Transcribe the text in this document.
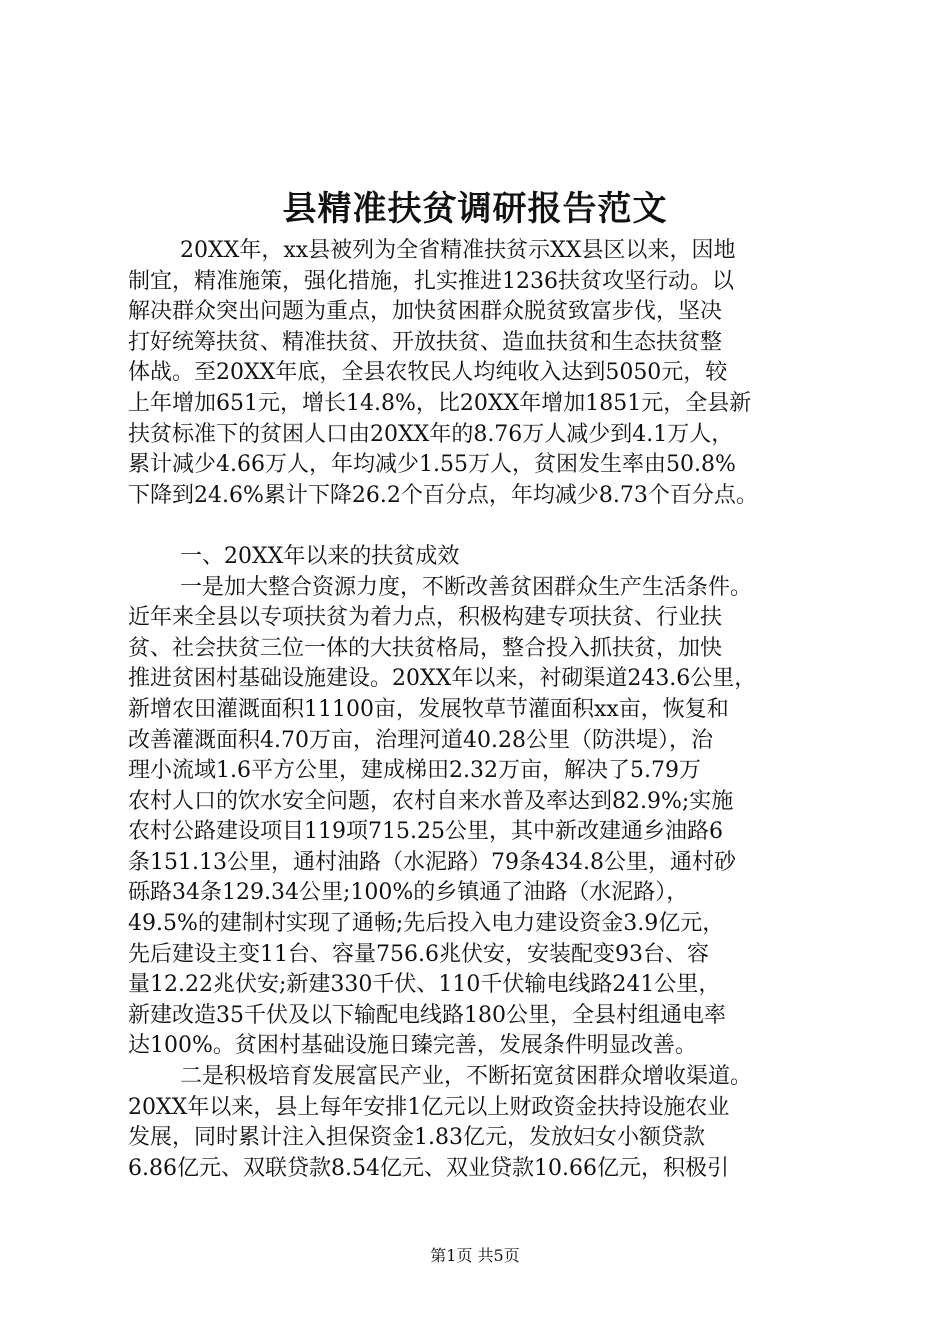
县精准扶贫调研报告范文
20XX年，xx县被列为全省精准扶贫示XX县区以来，因地
制宜，精准施策，强化措施，扎实推进1236扶贫攻坚行动。以
解决群众突出问题为重点，加快贫困群众脱贫致富步伐，坚决
打好统筹扶贫、精准扶贫、开放扶贫、造血扶贫和生态扶贫整
体战。至20XX年底，全县农牧民人均纯收入达到5050元，较
上年增加651元，增长14.8%，比20XX年增加1851元，全县新
扶贫标准下的贫困人口由20XX年的8.76万人减少到4.1万人，
累计减少4.66万人，年均减少1.55万人，贫困发生率由50.8%
下降到24.6%累计下降26.2个百分点，年均减少8.73个百分点。
一、20XX年以来的扶贫成效
一是加大整合资源力度，不断改善贫困群众生产生活条件。
近年来全县以专项扶贫为着力点，积极构建专项扶贫、行业扶
贫、社会扶贫三位一体的大扶贫格局，整合投入抓扶贫，加快
推进贫困村基础设施建设。20XX年以来，衬砌渠道243.6公里，
新增农田灌溉面积11100亩，发展牧草节灌面积xx亩，恢复和
改善灌溉面积4.70万亩，治理河道40.28公里（防洪堤），治
理小流域1.6平方公里，建成梯田2.32万亩，解决了5.79万
农村人口的饮水安全问题，农村自来水普及率达到82.9%;实施
农村公路建设项目119项715.25公里，其中新改建通乡油路6
条151.13公里，通村油路（水泥路）79条434.8公里，通村砂
砾路34条129.34公里;100%的乡镇通了油路（水泥路），
49.5%的建制村实现了通畅;先后投入电力建设资金3.9亿元，
先后建设主变11台、容量756.6兆伏安，安装配变93台、容
量12.22兆伏安;新建330千伏、110千伏输电线路241公里，
新建改造35千伏及以下输配电线路180公里，全县村组通电率
达100%。贫困村基础设施日臻完善，发展条件明显改善。
二是积极培育发展富民产业，不断拓宽贫困群众增收渠道。
20XX年以来，县上每年安排1亿元以上财政资金扶持设施农业
发展，同时累计注入担保资金1.83亿元，发放妇女小额贷款
6.86亿元、双联贷款8.54亿元、双业贷款10.66亿元，积极引
第1页 共5页
